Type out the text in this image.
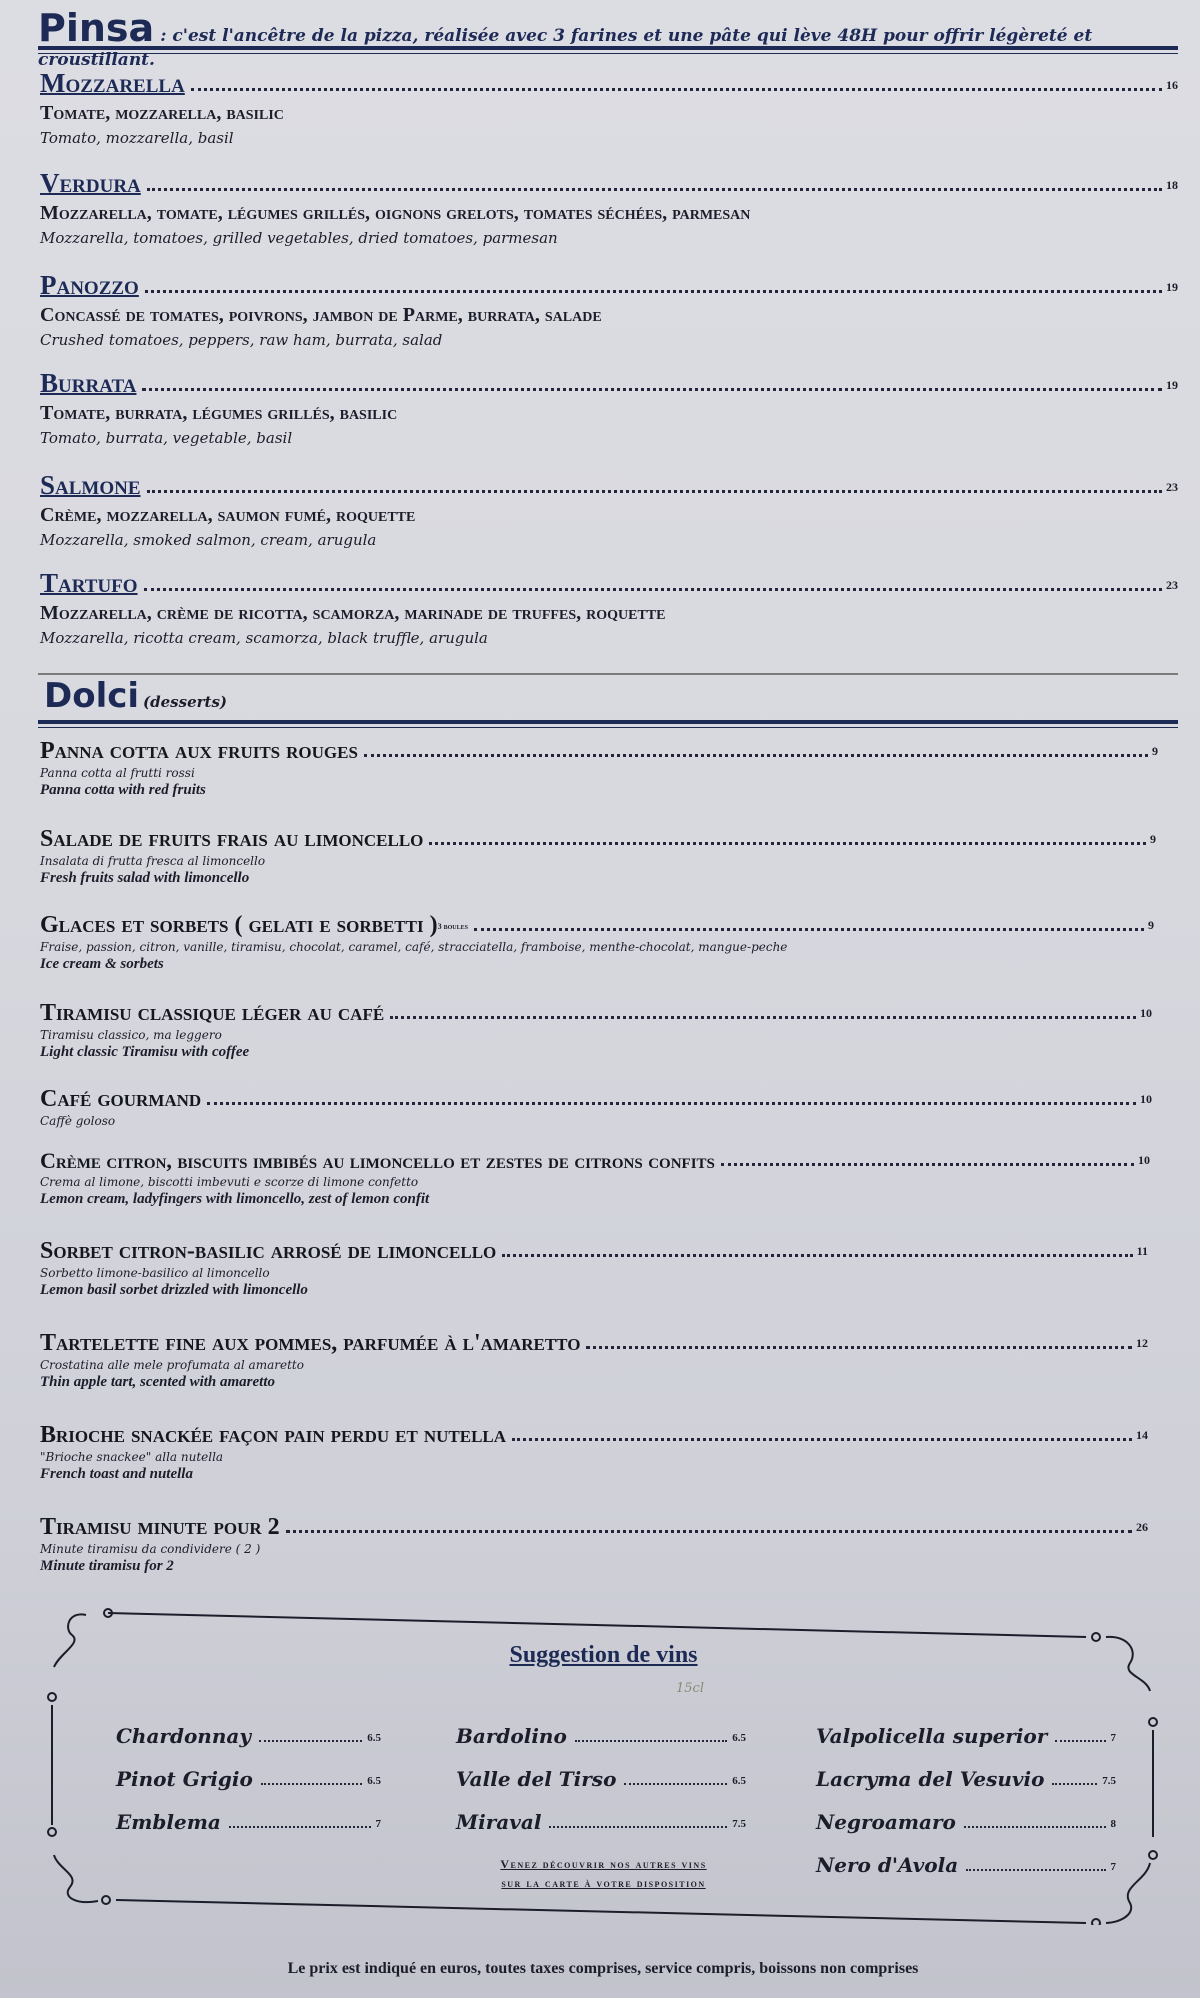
Pinsa : c'est l'ancêtre de la pizza, réalisée avec 3 farines et une pâte qui lève 48H pour offrir légèreté et croustillant.
Mozzarella	16
Tomate, mozzarella, basilic
Tomato, mozzarella, basil
Verdura	18
Mozzarella, tomate, légumes grillés, oignons grelots, tomates séchées, parmesan
Mozzarella, tomatoes, grilled vegetables, dried tomatoes, parmesan
Panozzo	19
Concassé de tomates, poivrons, jambon de Parme, burrata, salade
Crushed tomatoes, peppers, raw ham, burrata, salad
Burrata	19
Tomate, burrata, légumes grillés, basilic
Tomato, burrata, vegetable, basil
Salmone	23
Crème, mozzarella, saumon fumé, roquette
Mozzarella, smoked salmon, cream, arugula
Tartufo	23
Mozzarella, crème de ricotta, scamorza, marinade de truffes, roquette
Mozzarella, ricotta cream, scamorza, black truffle, arugula
Dolci (desserts)
Panna cotta aux fruits rouges	9
Panna cotta al frutti rossi
Panna cotta with red fruits
Salade de fruits frais au limoncello	9
Insalata di frutta fresca al limoncello
Fresh fruits salad with limoncello
Glaces et sorbets ( gelati e sorbetti ) 3 boules	9
Fraise, passion, citron, vanille, tiramisu, chocolat, caramel, café, stracciatella, framboise, menthe-chocolat, mangue-peche
Ice cream & sorbets
Tiramisu classique léger au café	10
Tiramisu classico, ma leggero
Light classic Tiramisu with coffee
Café gourmand	10
Caffè goloso
Crème citron, biscuits imbibés au limoncello et zestes de citrons confits	10
Crema al limone, biscotti imbevuti e scorze di limone confetto
Lemon cream, ladyfingers with limoncello, zest of lemon confit
Sorbet citron-basilic arrosé de limoncello	11
Sorbetto limone-basilico al limoncello
Lemon basil sorbet drizzled with limoncello
Tartelette fine aux pommes, parfumée à l'amaretto	12
Crostatina alle mele profumata al amaretto
Thin apple tart, scented with amaretto
Brioche snackée façon pain perdu et nutella	14
"Brioche snackee" alla nutella
French toast and nutella
Tiramisu minute pour 2	26
Minute tiramisu da condividere ( 2 )
Minute tiramisu for 2
Suggestion de vins
15cl
Chardonnay	6.5
Pinot Grigio	6.5
Emblema	7
Bardolino	6.5
Valle del Tirso	6.5
Miraval	7.5
Valpolicella superior	7
Lacryma del Vesuvio	7.5
Negroamaro	8
Nero d'Avola	7
Venez découvrir nos autres vins
sur la carte à votre disposition
Le prix est indiqué en euros, toutes taxes comprises, service compris, boissons non comprises
